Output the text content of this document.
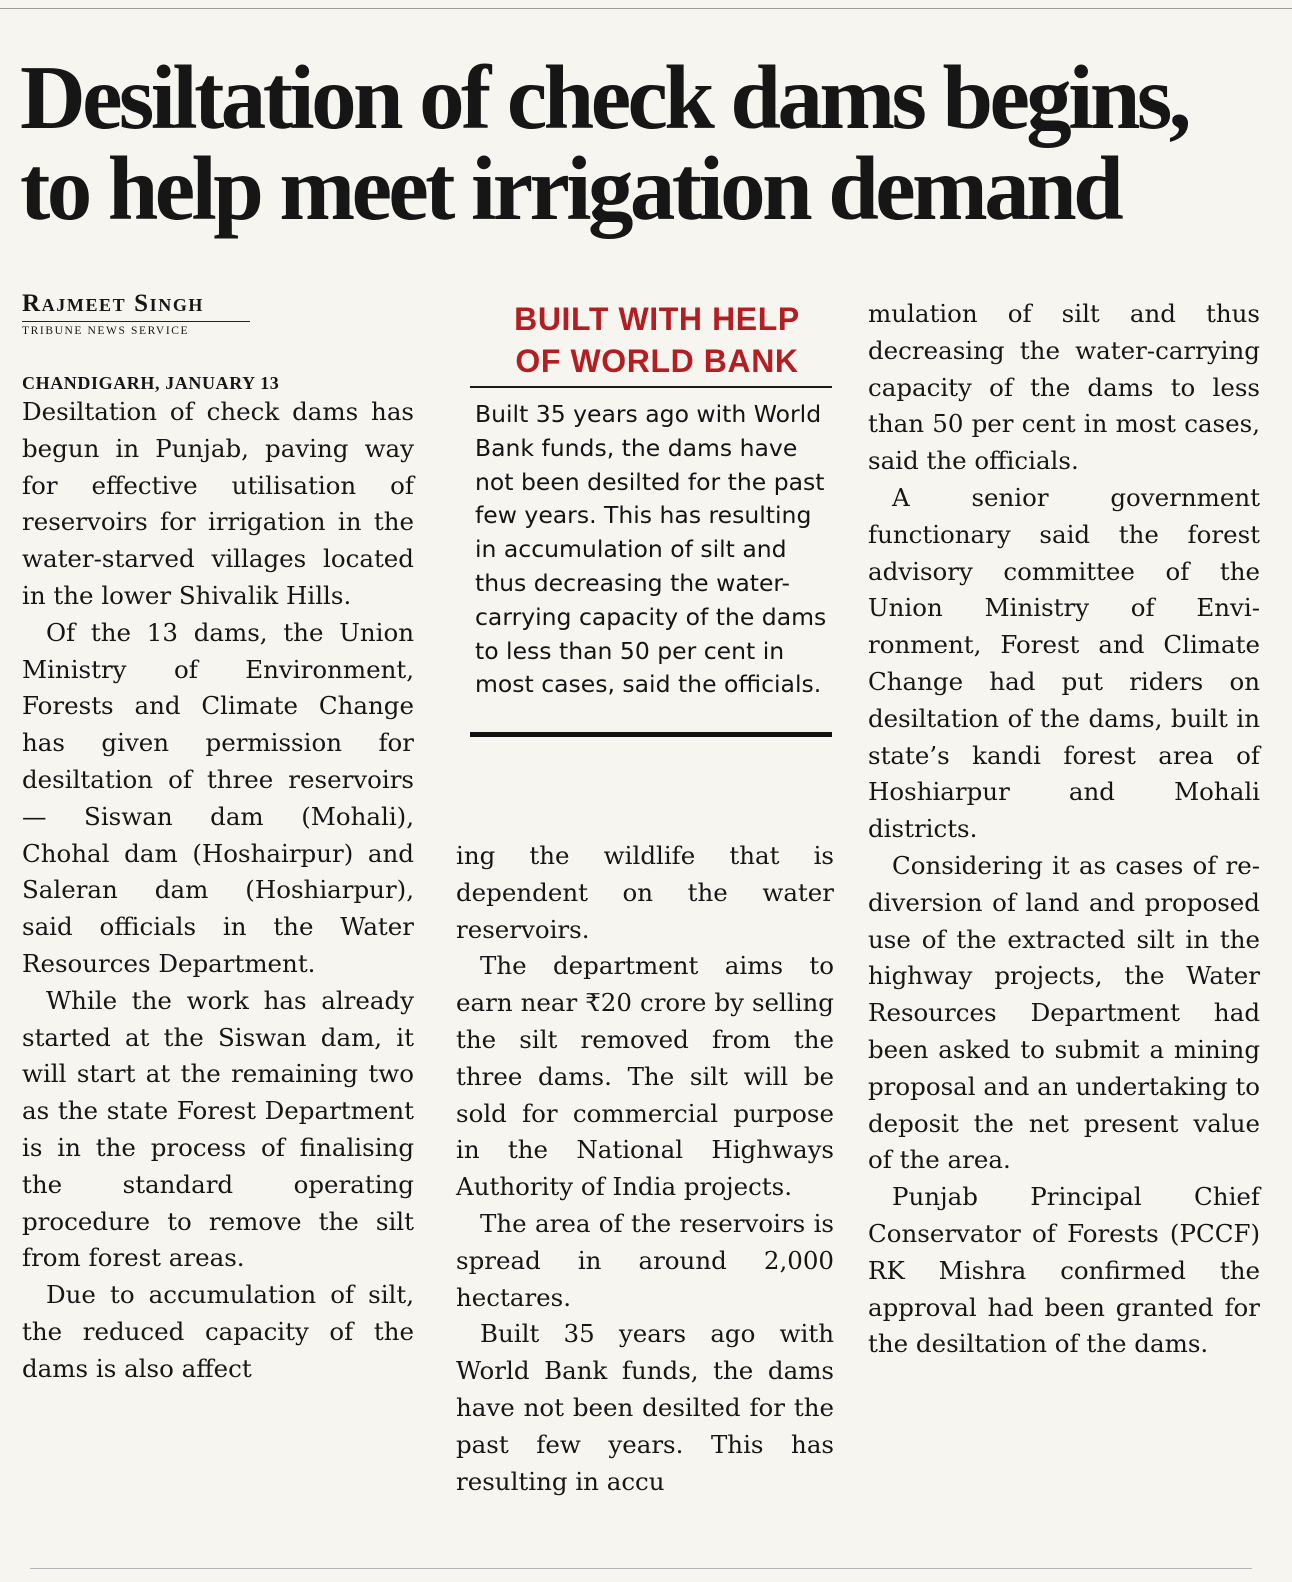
Desiltation of check dams begins,
to help meet irrigation demand
Rajmeet Singh
TRIBUNE NEWS SERVICE
CHANDIGARH, JANUARY 13

Desiltation of check dams has begun in Punjab, paving way for effective utilisation of reservoirs for irrigation in the water-starved villages located in the lower Shivalik Hills.

Of the 13 dams, the Union Ministry of Environment, Forests and Climate Change has given permission for desiltation of three reservoirs — Siswan dam (Mohali), Chohal dam (Hoshairpur) and Saleran dam (Hoshiarpur), said officials in the Water Resources Department.

While the work has already started at the Siswan dam, it will start at the remaining two as the state Forest Department is in the process of finalising the standard operating procedure to remove the silt from forest areas.

Due to accumulation of silt, the reduced capacity of the dams is also affect

BUILT WITH HELP
OF WORLD BANK
Built 35 years ago with World Bank funds, the dams have not been desilted for the past few years. This has resulting in accumulation of silt and thus decreasing the water-carrying capacity of the dams to less than 50 per cent in most cases, said the officials.

ing the wildlife that is dependent on the water reservoirs.

The department aims to earn near ₹20 crore by selling the silt removed from the three dams. The silt will be sold for commercial purpose in the National Highways Authority of India projects.

The area of the reservoirs is spread in around 2,000 hectares.

Built 35 years ago with World Bank funds, the dams have not been desilted for the past few years. This has resulting in accu

mulation of silt and thus decreasing the water-carrying capacity of the dams to less than 50 per cent in most cases, said the officials.

A senior government functionary said the forest advisory committee of the Union Ministry of Environment, Forest and Climate Change had put riders on desiltation of the dams, built in state’s kandi forest area of Hoshiarpur and Mohali districts.

Considering it as cases of re-diversion of land and proposed use of the extracted silt in the highway projects, the Water Resources Department had been asked to submit a mining proposal and an undertaking to deposit the net present value of the area.

Punjab Principal Chief Conservator of Forests (PCCF) RK Mishra confirmed the approval had been granted for the desiltation of the dams.
